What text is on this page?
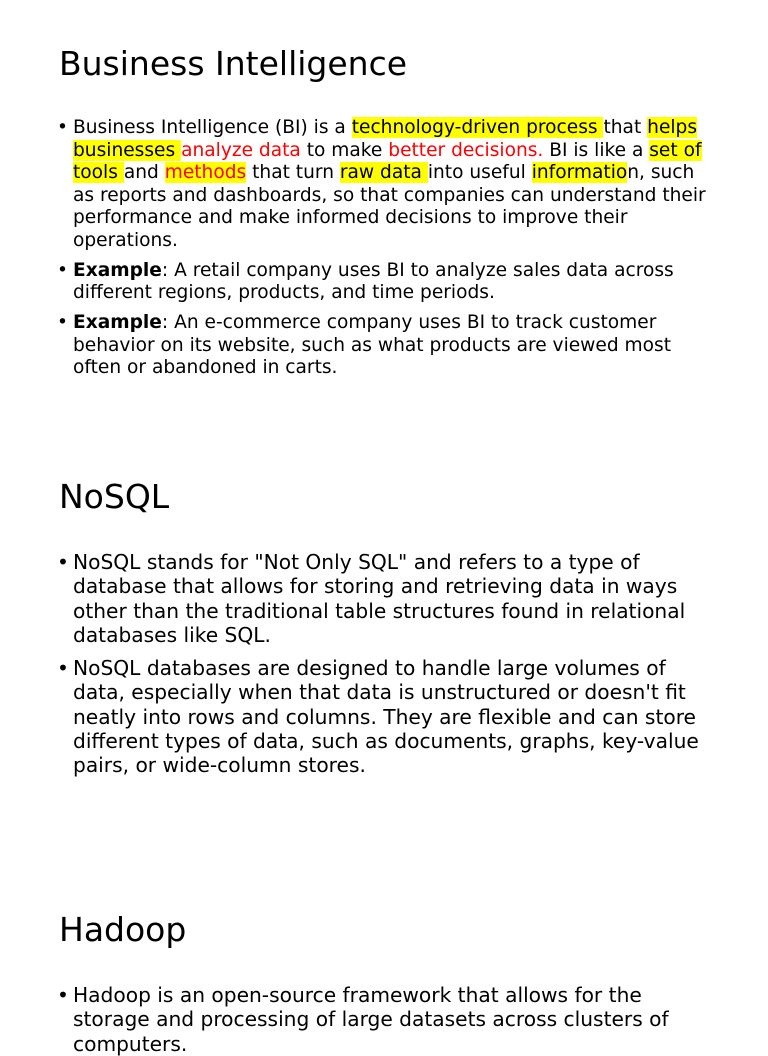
Business Intelligence
• Business Intelligence (BI) is a technology-driven process that helps businesses analyze data to make better decisions. BI is like a set of tools and methods that turn raw data into useful information, such as reports and dashboards, so that companies can understand their performance and make informed decisions to improve their operations.
• Example: A retail company uses BI to analyze sales data across different regions, products, and time periods.
• Example: An e-commerce company uses BI to track customer behavior on its website, such as what products are viewed most often or abandoned in carts.
NoSQL
• NoSQL stands for "Not Only SQL" and refers to a type of database that allows for storing and retrieving data in ways other than the traditional table structures found in relational databases like SQL.
• NoSQL databases are designed to handle large volumes of data, especially when that data is unstructured or doesn't fit neatly into rows and columns. They are flexible and can store different types of data, such as documents, graphs, key-value pairs, or wide-column stores.
Hadoop
• Hadoop is an open-source framework that allows for the storage and processing of large datasets across clusters of computers.
